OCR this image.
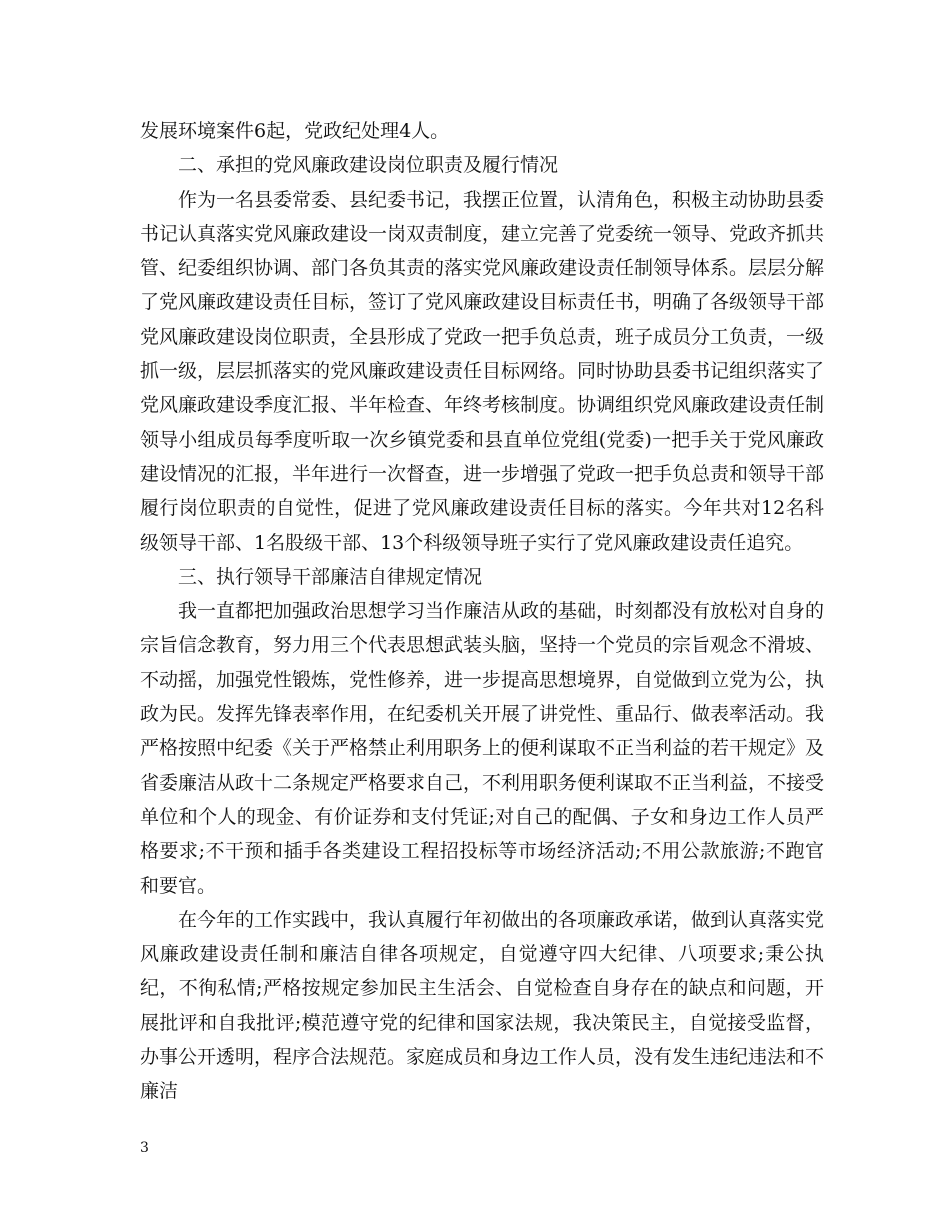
发展环境案件6起，党政纪处理4人。

二、承担的党风廉政建设岗位职责及履行情况

作为一名县委常委、县纪委书记，我摆正位置，认清角色，积极主动协助县委书记认真落实党风廉政建设一岗双责制度，建立完善了党委统一领导、党政齐抓共管、纪委组织协调、部门各负其责的落实党风廉政建设责任制领导体系。层层分解了党风廉政建设责任目标，签订了党风廉政建设目标责任书，明确了各级领导干部党风廉政建设岗位职责，全县形成了党政一把手负总责，班子成员分工负责，一级抓一级，层层抓落实的党风廉政建设责任目标网络。同时协助县委书记组织落实了党风廉政建设季度汇报、半年检查、年终考核制度。协调组织党风廉政建设责任制领导小组成员每季度听取一次乡镇党委和县直单位党组(党委)一把手关于党风廉政建设情况的汇报，半年进行一次督查，进一步增强了党政一把手负总责和领导干部履行岗位职责的自觉性，促进了党风廉政建设责任目标的落实。今年共对12名科级领导干部、1名股级干部、13个科级领导班子实行了党风廉政建设责任追究。

三、执行领导干部廉洁自律规定情况

我一直都把加强政治思想学习当作廉洁从政的基础，时刻都没有放松对自身的宗旨信念教育，努力用三个代表思想武装头脑，坚持一个党员的宗旨观念不滑坡、不动摇，加强党性锻炼，党性修养，进一步提高思想境界，自觉做到立党为公，执政为民。发挥先锋表率作用，在纪委机关开展了讲党性、重品行、做表率活动。我严格按照中纪委《关于严格禁止利用职务上的便利谋取不正当利益的若干规定》及省委廉洁从政十二条规定严格要求自己，不利用职务便利谋取不正当利益，不接受单位和个人的现金、有价证券和支付凭证;对自己的配偶、子女和身边工作人员严格要求;不干预和插手各类建设工程招投标等市场经济活动;不用公款旅游;不跑官和要官。

在今年的工作实践中，我认真履行年初做出的各项廉政承诺，做到认真落实党风廉政建设责任制和廉洁自律各项规定，自觉遵守四大纪律、八项要求;秉公执纪，不徇私情;严格按规定参加民主生活会、自觉检查自身存在的缺点和问题，开展批评和自我批评;模范遵守党的纪律和国家法规，我决策民主，自觉接受监督，办事公开透明，程序合法规范。家庭成员和身边工作人员，没有发生违纪违法和不廉洁

3
